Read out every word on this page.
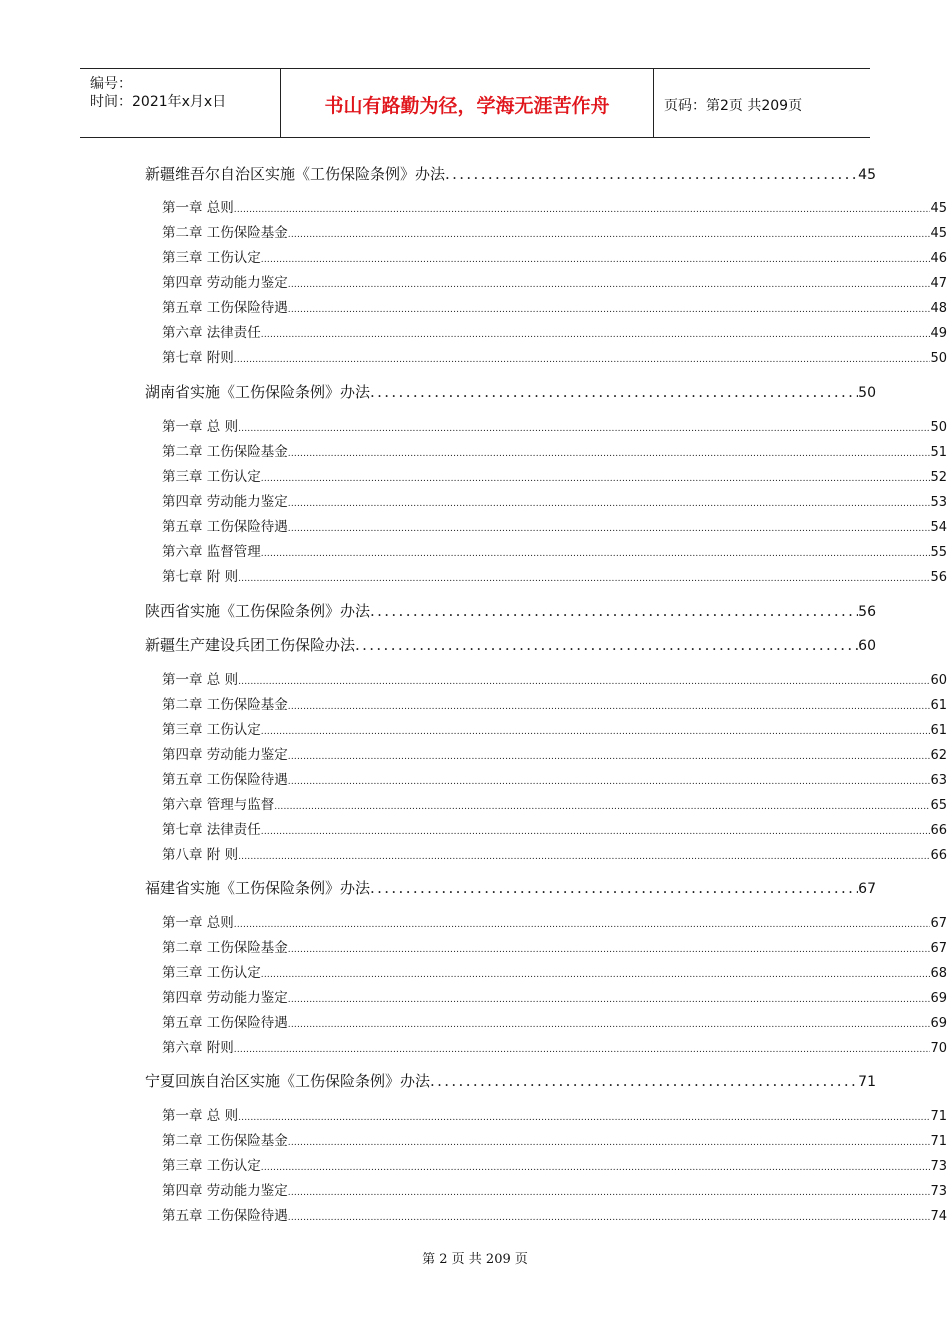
编号：
时间：2021年x月x日	书山有路勤为径，学海无涯苦作舟	页码：第2页 共209页
新疆维吾尔自治区实施《工伤保险条例》办法 . . .	45
第一章 总则 .....	45
第二章 工伤保险基金 .....	45
第三章 工伤认定 .....	46
第四章 劳动能力鉴定 .....	47
第五章 工伤保险待遇 .....	48
第六章 法律责任 .....	49
第七章 附则 .....	50
湖南省实施《工伤保险条例》办法 . . .	50
第一章 总 则 .....	50
第二章 工伤保险基金 .....	51
第三章 工伤认定 .....	52
第四章 劳动能力鉴定 .....	53
第五章 工伤保险待遇 .....	54
第六章 监督管理 .....	55
第七章 附 则 .....	56
陕西省实施《工伤保险条例》办法 . . .	56
新疆生产建设兵团工伤保险办法 . . .	60
第一章 总 则 .....	60
第二章 工伤保险基金 .....	61
第三章 工伤认定 .....	61
第四章 劳动能力鉴定 .....	62
第五章 工伤保险待遇 .....	63
第六章 管理与监督 .....	65
第七章 法律责任 .....	66
第八章 附 则 .....	66
福建省实施《工伤保险条例》办法 . . .	67
第一章 总则 .....	67
第二章 工伤保险基金 .....	67
第三章 工伤认定 .....	68
第四章 劳动能力鉴定 .....	69
第五章 工伤保险待遇 .....	69
第六章 附则 .....	70
宁夏回族自治区实施《工伤保险条例》办法 . . .	71
第一章 总 则 .....	71
第二章 工伤保险基金 .....	71
第三章 工伤认定 .....	73
第四章 劳动能力鉴定 .....	73
第五章 工伤保险待遇 .....	74
第 2 页 共 209 页
